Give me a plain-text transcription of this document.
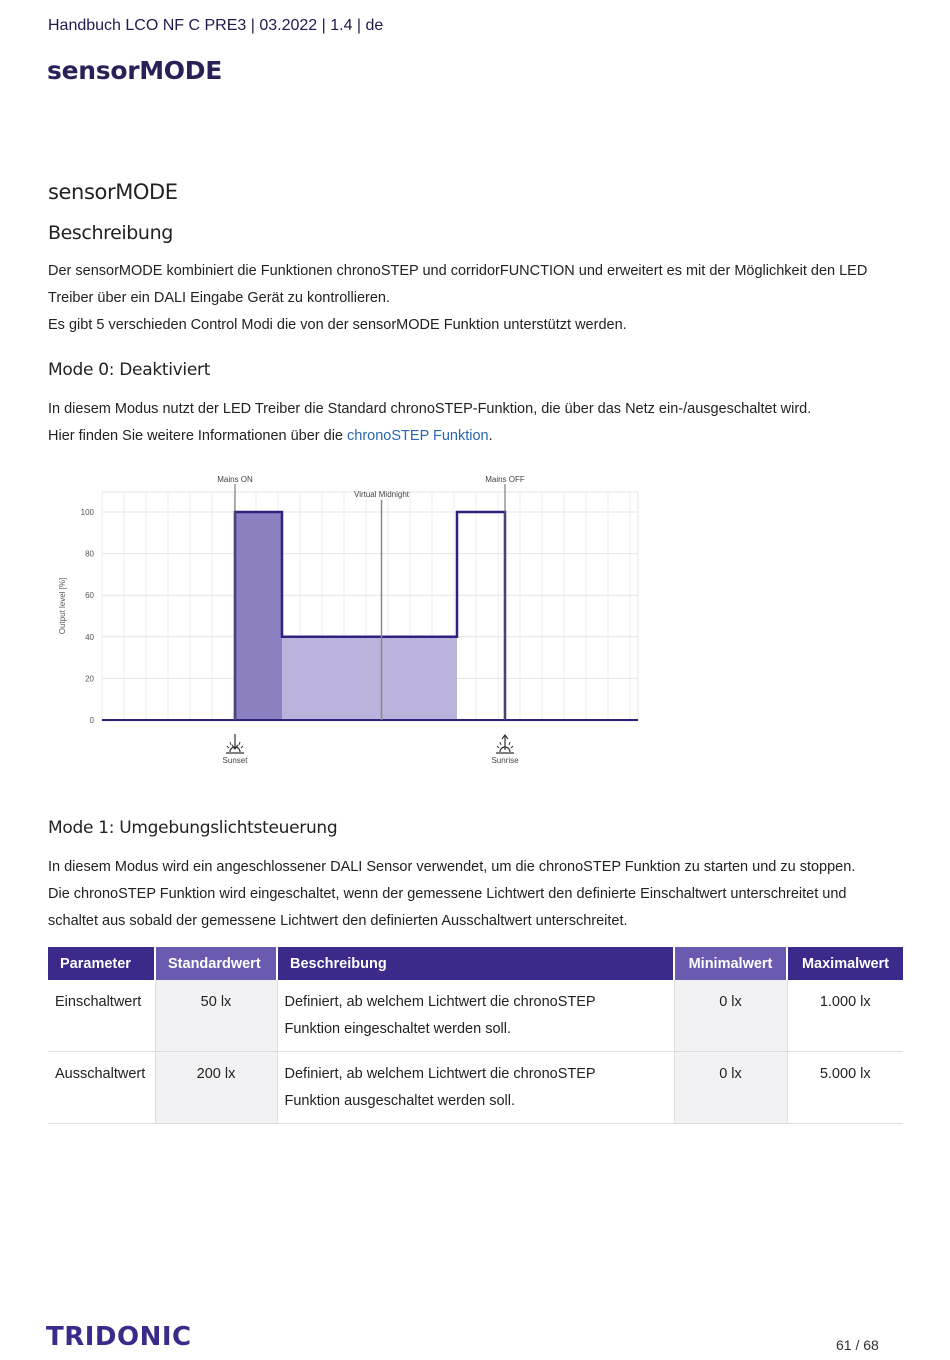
Handbuch LCO NF C PRE3 | 03.2022 | 1.4 | de
sensorMODE
sensorMODE
Beschreibung
Der sensorMODE kombiniert die Funktionen chronoSTEP und corridorFUNCTION und erweitert es mit der Möglichkeit den LED
Treiber über ein DALI Eingabe Gerät zu kontrollieren.
Es gibt 5 verschieden Control Modi die von der sensorMODE Funktion unterstützt werden.
Mode 0: Deaktiviert
In diesem Modus nutzt der LED Treiber die Standard chronoSTEP-Funktion, die über das Netz ein-/ausgeschaltet wird.
Hier finden Sie weitere Informationen über die chronoSTEP Funktion.
0
20
40
60
80
100
Output level [%]
Mains ON	Mains OFF
Virtual Midnight
Sunset	Sunrise
Mode 1: Umgebungslichtsteuerung
In diesem Modus wird ein angeschlossener DALI Sensor verwendet, um die chronoSTEP Funktion zu starten und zu stoppen.
Die chronoSTEP Funktion wird eingeschaltet, wenn der gemessene Lichtwert den definierte Einschaltwert unterschreitet und
schaltet aus sobald der gemessene Lichtwert den definierten Ausschaltwert unterschreitet.
Parameter	Standardwert	Beschreibung	Minimalwert	Maximalwert
Einschaltwert	50 lx	Definiert, ab welchem Lichtwert die chronoSTEP
Funktion eingeschaltet werden soll.	0 lx	1.000 lx
Ausschaltwert	200 lx	Definiert, ab welchem Lichtwert die chronoSTEP
Funktion ausgeschaltet werden soll.	0 lx	5.000 lx
TRIDONIC	61 / 68
